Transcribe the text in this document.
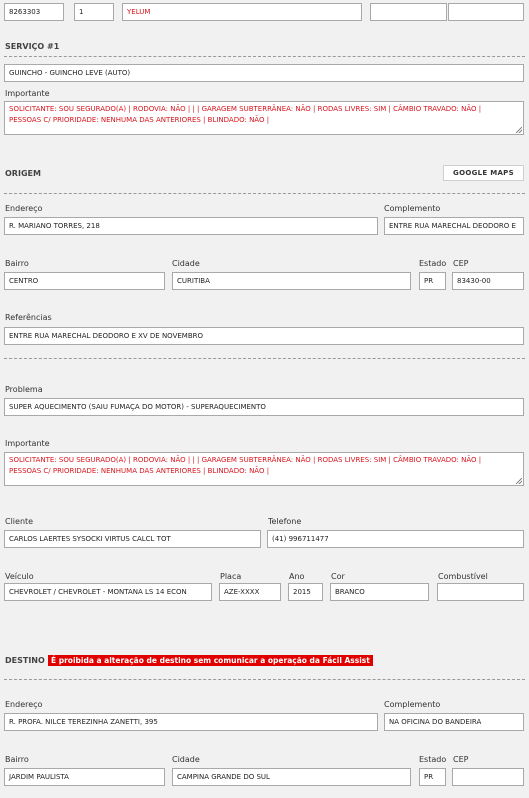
8263303	1	YELUM
SERVIÇO #1
GUINCHO - GUINCHO LEVE (AUTO)
Importante
SOLICITANTE: SOU SEGURADO(A) | RODOVIA: NÃO | | | GARAGEM SUBTERRÂNEA: NÃO | RODAS LIVRES: SIM | CÂMBIO TRAVADO: NÃO |
PESSOAS C/ PRIORIDADE: NENHUMA DAS ANTERIORES | BLINDADO: NÃO |
ORIGEM	GOOGLE MAPS
Endereço
R. MARIANO TORRES, 218
Complemento
ENTRE RUA MARECHAL DEODORO E
Bairro
CENTRO
Cidade
CURITIBA
Estado
PR
CEP
83430-00
Referências
ENTRE RUA MARECHAL DEODORO E XV DE NOVEMBRO
Problema
SUPER AQUECIMENTO (SAIU FUMAÇA DO MOTOR) - SUPERAQUECIMENTO
Importante
SOLICITANTE: SOU SEGURADO(A) | RODOVIA: NÃO | | | GARAGEM SUBTERRÂNEA: NÃO | RODAS LIVRES: SIM | CÂMBIO TRAVADO: NÃO |
PESSOAS C/ PRIORIDADE: NENHUMA DAS ANTERIORES | BLINDADO: NÃO |
Cliente
CARLOS LAERTES SYSOCKI VIRTUS CALCL TOT
Telefone
(41) 996711477
Veículo
CHEVROLET / CHEVROLET - MONTANA LS 14 ECON
Placa
AZE-XXXX
Ano
2015
Cor
BRANCO
Combustível
DESTINO É proibida a alteração de destino sem comunicar a operação da Fácil Assist
Endereço
R. PROFA. NILCE TEREZINHA ZANETTI, 395
Complemento
NA OFICINA DO BANDEIRA
Bairro
JARDIM PAULISTA
Cidade
CAMPINA GRANDE DO SUL
Estado
PR
CEP
